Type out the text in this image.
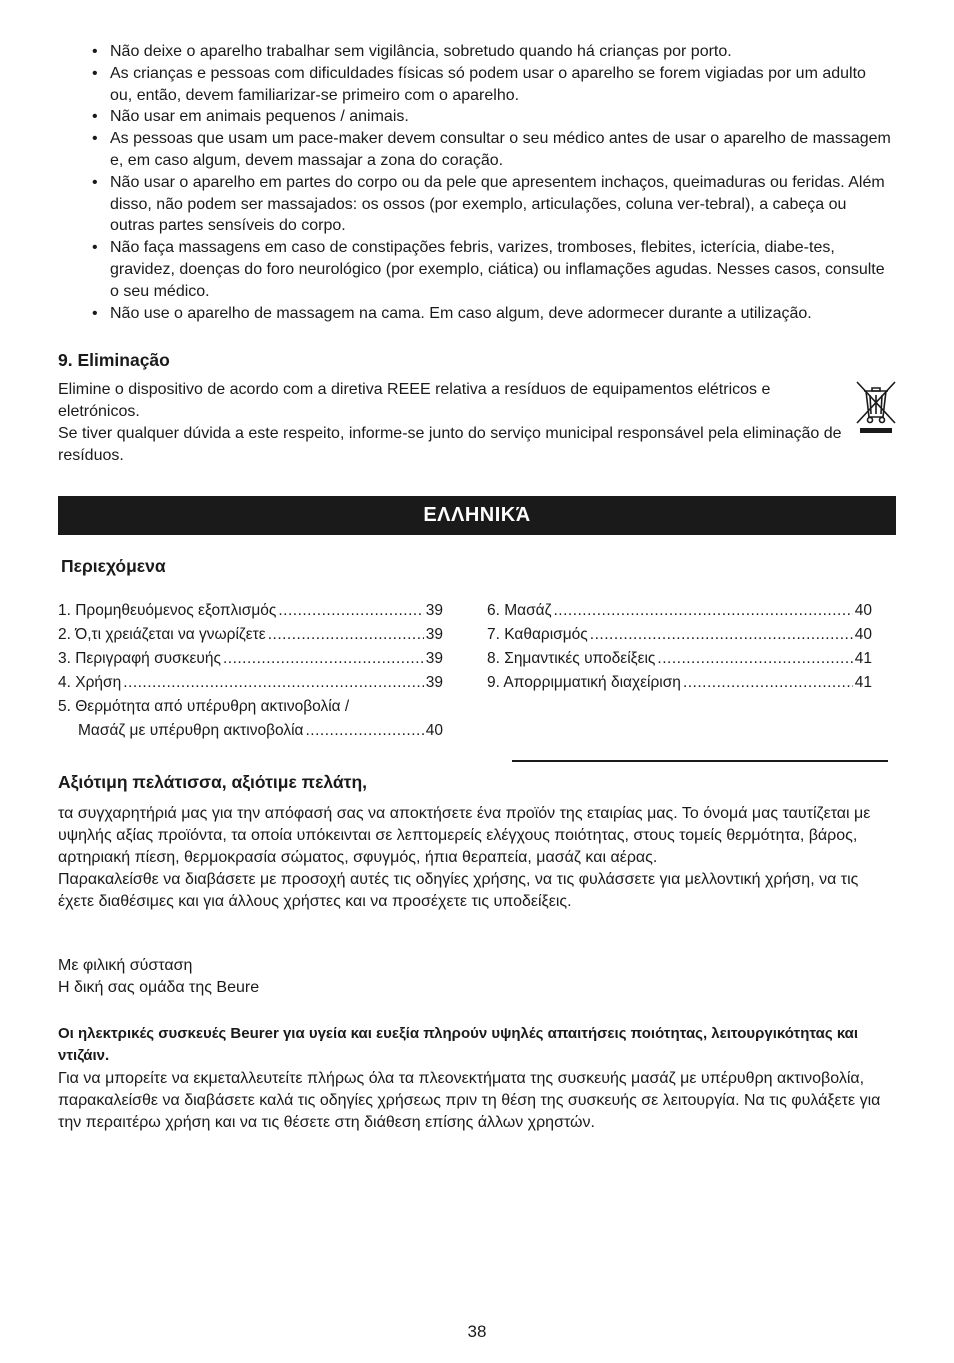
• Não deixe o aparelho trabalhar sem vigilância, sobretudo quando há crianças por porto.
• As crianças e pessoas com dificuldades físicas só podem usar o aparelho se forem vigiadas por um adulto ou, então, devem familiarizar-se primeiro com o aparelho.
• Não usar em animais pequenos / animais.
• As pessoas que usam um pace-maker devem consultar o seu médico antes de usar o aparelho de massagem e, em caso algum, devem massajar a zona do coração.
• Não usar o aparelho em partes do corpo ou da pele que apresentem inchaços, queimaduras ou feridas. Além disso, não podem ser massajados: os ossos (por exemplo, articulações, coluna ver-tebral), a cabeça ou outras partes sensíveis do corpo.
• Não faça massagens em caso de constipações febris, varizes, tromboses, flebites, icterícia, diabe-tes, gravidez, doenças do foro neurológico (por exemplo, ciática) ou inflamações agudas. Nesses casos, consulte o seu médico.
• Não use o aparelho de massagem na cama. Em caso algum, deve adormecer durante a utilização.
9. Eliminação
Elimine o dispositivo de acordo com a diretiva REEE relativa a resíduos de equipamentos elétricos e eletrónicos.
Se tiver qualquer dúvida a este respeito, informe-se junto do serviço municipal responsável pela eliminação de resíduos.
ΕΛΛΗΝΙΚΆ
Περιεχόμενα
1. Προμηθευόμενος εξοπλισμός .....	39
2. Ό,τι χρειάζεται να γνωρίζετε .....	39
3. Περιγραφή συσκευής .....	39
4. Χρήση .....	39
5. Θερμότητα από υπέρυθρη ακτινοβολία /
Μασάζ με υπέρυθρη ακτινοβολία .....	40
6. Μασάζ .....	40
7. Καθαρισμός .....	40
8. Σημαντικές υποδείξεις .....	41
9. Απορριμματική διαχείριση .....	41
Αξιότιμη πελάτισσα, αξιότιμε πελάτη,
τα συγχαρητήριά μας για την απόφασή σας να αποκτήσετε ένα προϊόν της εταιρίας μας. Το όνομά μας ταυτίζεται με υψηλής αξίας προϊόντα, τα οποία υπόκεινται σε λεπτομερείς ελέγχους ποιότητας, στους τομείς θερμότητα, βάρος, αρτηριακή πίεση, θερμοκρασία σώματος, σφυγμός, ήπια θεραπεία, μασάζ και αέρας.
Παρακαλείσθε να διαβάσετε με προσοχή αυτές τις οδηγίες χρήσης, να τις φυλάσσετε για μελλοντική χρήση, να τις έχετε διαθέσιμες και για άλλους χρήστες και να προσέχετε τις υποδείξεις.
Με φιλική σύσταση
Η δική σας ομάδα της Beure
Οι ηλεκτρικές συσκευές Beurer για υγεία και ευεξία πληρούν υψηλές απαιτήσεις ποιότητας, λειτουργικότητας και ντιζάιν.
Για να μπορείτε να εκμεταλλευτείτε πλήρως όλα τα πλεονεκτήματα της συσκευής μασάζ με υπέρυθρη ακτινοβολία, παρακαλείσθε να διαβάσετε καλά τις οδηγίες χρήσεως πριν τη θέση της συσκευής σε λειτουργία. Να τις φυλάξετε για την περαιτέρω χρήση και να τις θέσετε στη διάθεση επίσης άλλων χρηστών.
38
